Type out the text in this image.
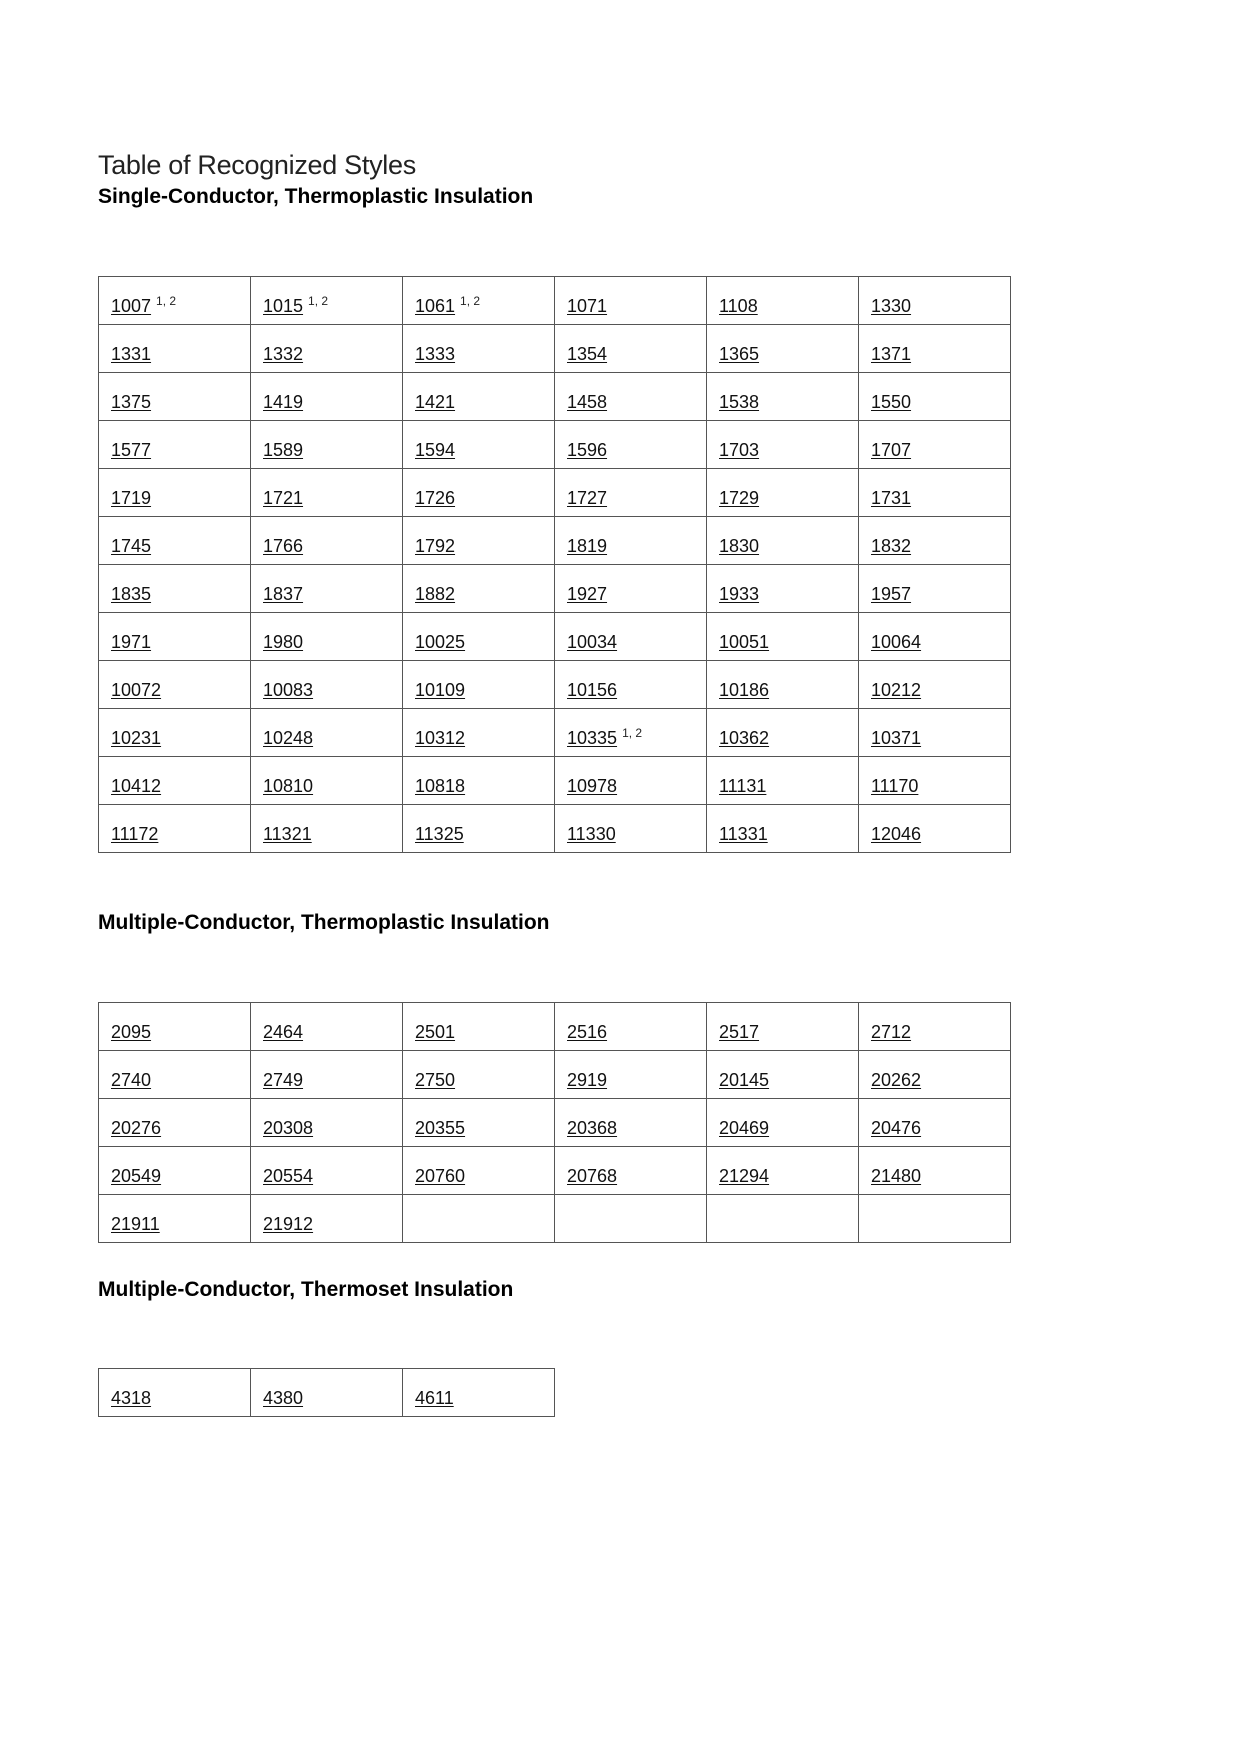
Table of Recognized Styles
Single-Conductor, Thermoplastic Insulation
1007 $^{1, 2}$	1015 $^{1, 2}$	1061 $^{1, 2}$	1071	1108	1330

1331	1332	1333	1354	1365	1371

1375	1419	1421	1458	1538	1550

1577	1589	1594	1596	1703	1707

1719	1721	1726	1727	1729	1731

1745	1766	1792	1819	1830	1832

1835	1837	1882	1927	1933	1957

1971	1980	10025	10034	10051	10064

10072	10083	10109	10156	10186	10212

10231	10248	10312	10335 $^{1, 2}$	10362	10371

10412	10810	10818	10978	11131	11170

11172	11321	11325	11330	11331	12046
Multiple-Conductor, Thermoplastic Insulation
2095	2464	2501	2516	2517	2712

2740	2749	2750	2919	20145	20262

20276	20308	20355	20368	20469	20476

20549	20554	20760	20768	21294	21480

21911	21912				

Multiple-Conductor, Thermoset Insulation
4318	4380	4611
